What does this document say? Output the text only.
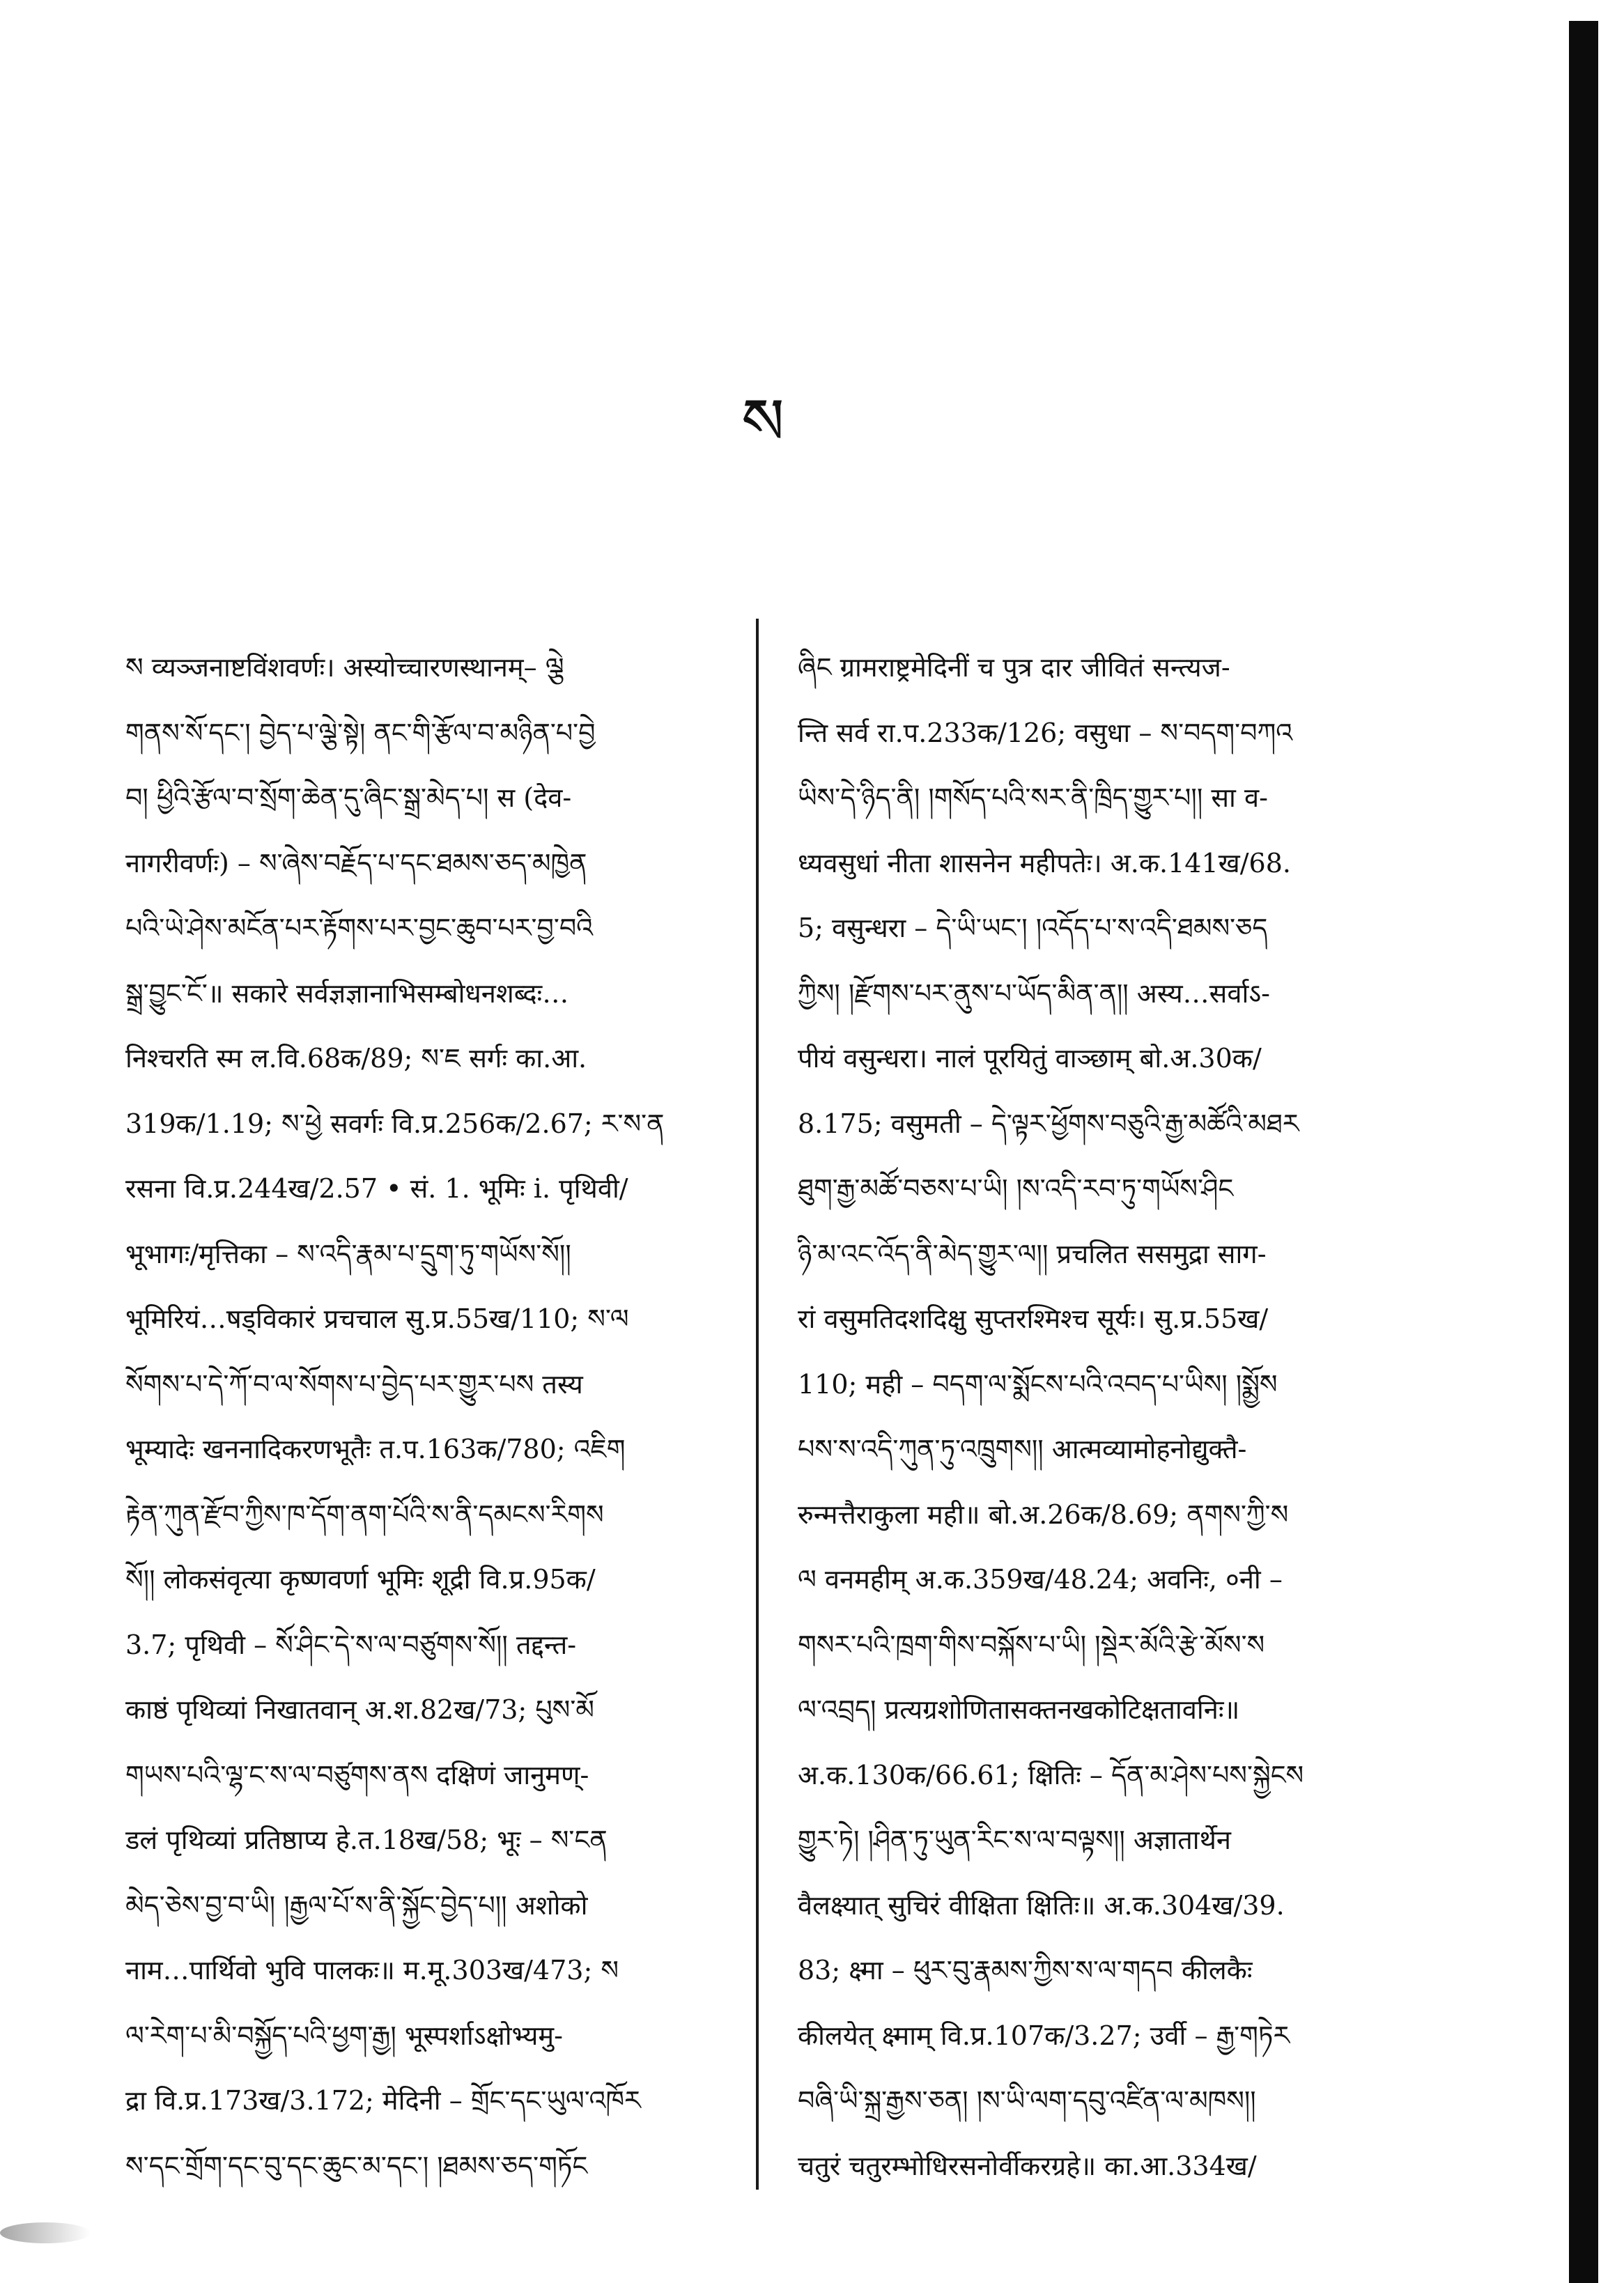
ས
ས व्यञ्जनाष्टविंशवर्णः। अस्योच्चारणस्थानम्– ལྕེ
གནས་སོ་དང་། བྱེད་པ་ལྕེ་སྟེ། ནང་གི་རྩོལ་བ་མཉིན་པ་བྱེ
བ། ཕྱིའི་རྩོལ་བ་སྲོག་ཆེན་དུ་ཞིང་སྒྲ་མེད་པ། स (देव-
नागरीवर्णः) – ས་ཞེས་བརྗོད་པ་དང་ཐམས་ཅད་མཁྱེན
པའི་ཡེ་ཤེས་མངོན་པར་རྟོགས་པར་བྱང་ཆུབ་པར་བྱ་བའི
སྒྲ་བྱུང་ངོ་॥ सकारे सर्वज्ञज्ञानाभिसम्बोधनशब्दः…
निश्चरति स्म ल.वि.68क/89; ས་ཇ सर्गः का.आ.
319क/1.19; ས་ཕྱེ सवर्गः वि.प्र.256क/2.67; ར་ས་ན
रसना वि.प्र.244ख/2.57 • सं. 1. भूमिः i. पृथिवी/
भूभागः/मृत्तिका – ས་འདི་རྣམ་པ་དྲུག་ཏུ་གཡོས་སོ།།
भूमिरियं…षड्विकारं प्रचचाल सु.प्र.55ख/110; ས་ལ
སོགས་པ་དེ་ཀོ་བ་ལ་སོགས་པ་བྱེད་པར་གྱུར་པས तस्य
भूम्यादेः खननादिकरणभूतैः त.प.163क/780; འཇིག
རྟེན་ཀུན་རྫོབ་ཀྱིས་ཁ་དོག་ནག་པོའི་ས་ནི་དམངས་རིགས
སོ།། लोकसंवृत्या कृष्णवर्णा भूमिः शूद्री वि.प्र.95क/
3.7; पृथिवी – སོ་ཤིང་དེ་ས་ལ་བཙུགས་སོ།། तद्दन्त-
काष्ठं पृथिव्यां निखातवान् अ.श.82ख/73; པུས་མོ
གཡས་པའི་ལྷ་ང་ས་ལ་བཙུགས་ནས दक्षिणं जानुमण्-
डलं पृथिव्यां प्रतिष्ठाप्य हे.त.18ख/58; भूः – ས་ངན
མེད་ཅེས་བྱ་བ་ཡི། །རྒྱལ་པོ་ས་ནི་སྐྱོང་བྱེད་པ།། अशोको
नाम…पार्थिवो भुवि पालकः॥ म.मू.303ख/473; ས
ལ་རེག་པ་མི་བསྐྱོད་པའི་ཕྱག་རྒྱ། भूस्पर्शाऽक्षोभ्यमु-
द्रा वि.प्र.173ख/3.172; मेदिनी – གྲོང་དང་ཡུལ་འཁོར
ས་དང་གྲོག་དང་བུ་དང་ཆུང་མ་དང་། །ཐམས་ཅད་གཏོང
ཞིང ग्रामराष्ट्रमेदिनीं च पुत्र दार जीवितं सन्त्यज-
न्ति सर्व रा.प.233क/126; वसुधा – ས་བདག་བཀའ
ཡིས་དེ་ཉིད་ནི། །གསོད་པའི་སར་ནི་ཁྲིད་གྱུར་པ།། सा व-
ध्यवसुधां नीता शासनेन महीपतेः। अ.क.141ख/68.
5; वसुन्धरा – དེ་ཡི་ཡང་། །འདོད་པ་ས་འདི་ཐམས་ཅད
ཀྱིས། །རྫོགས་པར་ནུས་པ་ཡོད་མིན་ན།། अस्य…सर्वाऽ-
पीयं वसुन्धरा। नालं पूरयितुं वाञ्छाम् बो.अ.30क/
8.175; वसुमती – དེ་ལྟར་ཕྱོགས་བཅུའི་རྒྱ་མཚོའི་མཐར
ཐུག་རྒྱ་མཚོ་བཅས་པ་ཡི། །ས་འདི་རབ་ཏུ་གཡོས་ཤིང
ཉི་མ་འང་འོད་ནི་མེད་གྱུར་ལ།། प्रचलित ससमुद्रा साग-
रां वसुमतिदशदिक्षु सुप्तरश्मिश्च सूर्यः। सु.प्र.55ख/
110; मही – བདག་ལ་སྨོངས་པའི་འབད་པ་ཡིས། །སྨྱོས
པས་ས་འདི་ཀུན་ཏུ་འཁྲུགས།། आत्मव्यामोहनोद्युक्तै-
रुन्मत्तैराकुला मही॥ बो.अ.26क/8.69; ནགས་ཀྱི་ས
ལ वनमहीम् अ.क.359ख/48.24; अवनिः, ०नी –
གསར་པའི་ཁྲག་གིས་བསྐོས་པ་ཡི། །སྡེར་མོའི་རྩེ་མོས་ས
ལ་འབྲད། प्रत्यग्रशोणितासक्तनखकोटिक्षतावनिः॥
अ.क.130क/66.61; क्षितिः – དོན་མ་ཤེས་པས་སྐྱེངས
གྱུར་ཏེ། །ཤིན་ཏུ་ཡུན་རིང་ས་ལ་བལྟས།། अज्ञातार्थेन
वैलक्ष्यात् सुचिरं वीक्षिता क्षितिः॥ अ.क.304ख/39.
83; क्ष्मा – ཕུར་བུ་རྣམས་ཀྱིས་ས་ལ་གདབ कीलकैः
कीलयेत् क्ष्माम् वि.प्र.107क/3.27; उर्वी – རྒྱ་གཏེར
བཞི་ཡི་སྐྲ་རྒྱས་ཅན། །ས་ཡི་ལག་དབུ་འཛིན་ལ་མཁས།།
चतुरं चतुरम्भोधिरसनोर्वीकरग्रहे॥ का.आ.334ख/
